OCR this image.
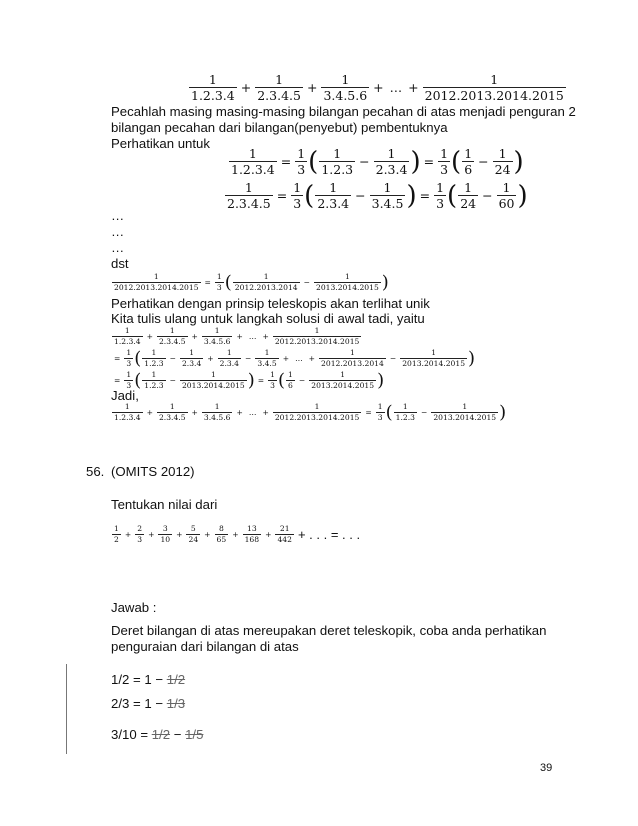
$\frac{1}{1.2.3.4} + \frac{1}{2.3.4.5} + \frac{1}{3.4.5.6}$ + … + $\frac{1}{2012.2013.2014.2015}$
Pecahlah masing masing-masing bilangan pecahan di atas menjadi penguran 2
bilangan pecahan dari bilangan(penyebut) pembentuknya
Perhatikan untuk
$\frac{1}{1.2.3.4} = \frac{1}{3}$ ( $\frac{1}{1.2.3} - \frac{1}{2.3.4}$ ) = $\frac{1}{3}$ ( $\frac{1}{6} - \frac{1}{24}$ )
$\frac{1}{2.3.4.5} = \frac{1}{3}$ ( $\frac{1}{2.3.4} - \frac{1}{3.4.5}$ ) = $\frac{1}{3}$ ( $\frac{1}{24} - \frac{1}{60}$ )
…
…
…
dst
$\frac{1}{2012.2013.2014.2015} = \frac{1}{3}$ ( $\frac{1}{2012.2013.2014} - \frac{1}{2013.2014.2015}$ )
Perhatikan dengan prinsip teleskopis akan terlihat unik
Kita tulis ulang untuk langkah solusi di awal tadi, yaitu
$\frac{1}{1.2.3.4} + \frac{1}{2.3.4.5} + \frac{1}{3.4.5.6}$ + … + $\frac{1}{2012.2013.2014.2015}$
= $\frac{1}{3}$ ( $\frac{1}{1.2.3} - \frac{1}{2.3.4} + \frac{1}{2.3.4} - \frac{1}{3.4.5}$ + … + $\frac{1}{2012.2013.2014} - \frac{1}{2013.2014.2015}$ )
= $\frac{1}{3}$ ( $\frac{1}{1.2.3} - \frac{1}{2013.2014.2015}$ ) = $\frac{1}{3}$ ( $\frac{1}{6} - \frac{1}{2013.2014.2015}$ )
Jadi,
$\frac{1}{1.2.3.4} + \frac{1}{2.3.4.5} + \frac{1}{3.4.5.6}$ + … + $\frac{1}{2012.2013.2014.2015} = \frac{1}{3}$ ( $\frac{1}{1.2.3} - \frac{1}{2013.2014.2015}$ )
56. (OMITS 2012)
Tentukan nilai dari
$\frac{1}{2} + \frac{2}{3} + \frac{3}{10} + \frac{5}{24} + \frac{8}{65} + \frac{13}{168} + \frac{21}{442}$ + . . . = . . .
Jawab :
Deret bilangan di atas mereupakan deret teleskopik, coba anda perhatikan
penguraian dari bilangan di atas
1/2 = 1 − 1/2
2/3 = 1 − 1/3
3/10 = 1/2 − 1/5
39
